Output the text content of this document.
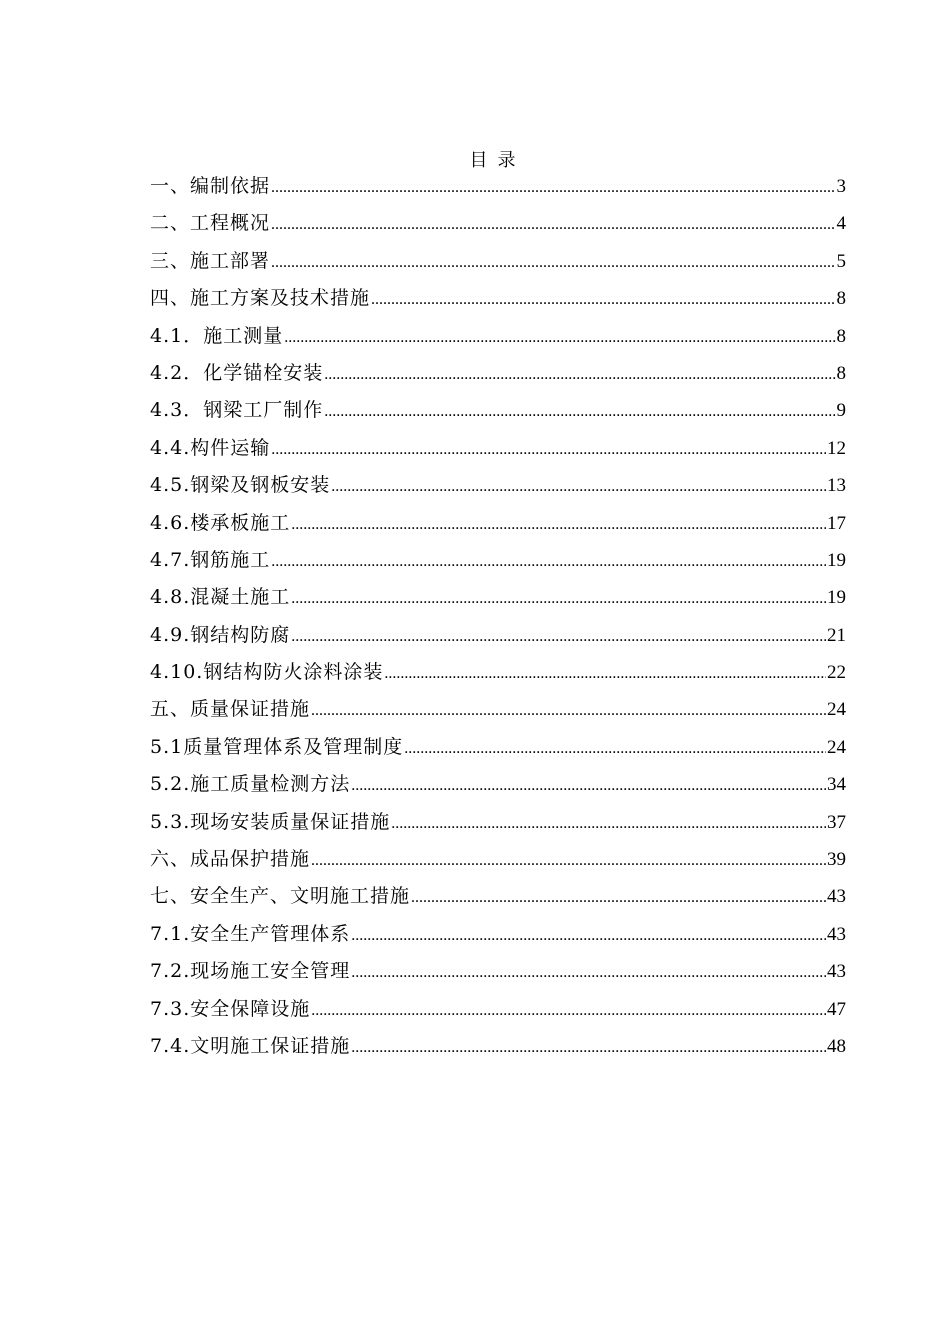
目录
一、编制依据 .....	3
二、工程概况 .....	4
三、施工部署 .....	5
四、施工方案及技术措施 .....	8
4.1．施工测量 .....	8
4.2．化学锚栓安装 .....	8
4.3．钢梁工厂制作 .....	9
4.4.构件运输 .....	12
4.5.钢梁及钢板安装 .....	13
4.6.楼承板施工 .....	17
4.7.钢筋施工 .....	19
4.8.混凝土施工 .....	19
4.9.钢结构防腐 .....	21
4.10.钢结构防火涂料涂装 .....	22
五、质量保证措施 .....	24
5.1质量管理体系及管理制度 .....	24
5.2.施工质量检测方法 .....	34
5.3.现场安装质量保证措施 .....	37
六、成品保护措施 .....	39
七、安全生产、文明施工措施 .....	43
7.1.安全生产管理体系 .....	43
7.2.现场施工安全管理 .....	43
7.3.安全保障设施 .....	47
7.4.文明施工保证措施 .....	48
